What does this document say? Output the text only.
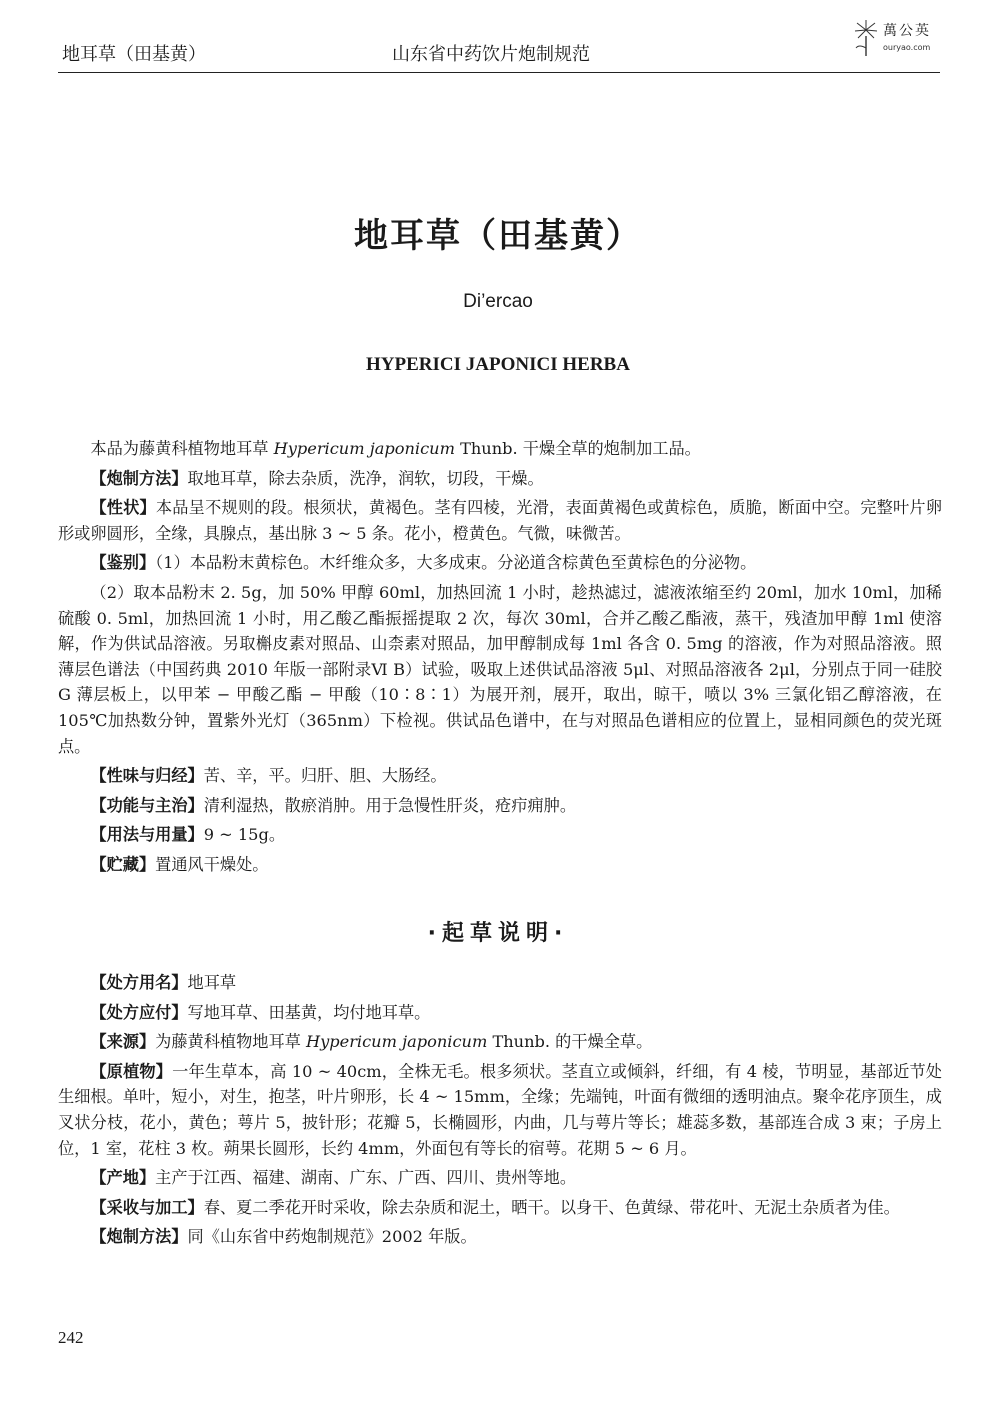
地耳草（田基黄）	山东省中药饮片炮制规范
萬公英
ouryao.com
地耳草（田基黄）
Di’ercao
HYPERICI JAPONICI HERBA

本品为藤黄科植物地耳草 Hypericum japonicum Thunb. 干燥全草的炮制加工品。

【炮制方法】取地耳草，除去杂质，洗净，润软，切段，干燥。

【性状】本品呈不规则的段。根须状，黄褐色。茎有四棱，光滑，表面黄褐色或黄棕色，质脆，断面中空。完整叶片卵形或卵圆形，全缘，具腺点，基出脉 3 ~ 5 条。花小，橙黄色。气微，味微苦。

【鉴别】（1）本品粉末黄棕色。木纤维众多，大多成束。分泌道含棕黄色至黄棕色的分泌物。

（2）取本品粉末 2. 5g，加 50% 甲醇 60ml，加热回流 1 小时，趁热滤过，滤液浓缩至约 20ml，加水 10ml，加稀硫酸 0. 5ml，加热回流 1 小时，用乙酸乙酯振摇提取 2 次，每次 30ml，合并乙酸乙酯液，蒸干，残渣加甲醇 1ml 使溶解，作为供试品溶液。另取槲皮素对照品、山柰素对照品，加甲醇制成每 1ml 各含 0. 5mg 的溶液，作为对照品溶液。照薄层色谱法（中国药典 2010 年版一部附录Ⅵ B）试验，吸取上述供试品溶液 5μl、对照品溶液各 2μl，分别点于同一硅胶 G 薄层板上，以甲苯 − 甲酸乙酯 − 甲酸（10∶8∶1）为展开剂，展开，取出，晾干，喷以 3% 三氯化铝乙醇溶液，在 105℃加热数分钟，置紫外光灯（365nm）下检视。供试品色谱中，在与对照品色谱相应的位置上，显相同颜色的荧光斑点。

【性味与归经】苦、辛，平。归肝、胆、大肠经。

【功能与主治】清利湿热，散瘀消肿。用于急慢性肝炎，疮疖痈肿。

【用法与用量】9 ~ 15g。

【贮藏】置通风干燥处。

·起草说明·

【处方用名】地耳草

【处方应付】写地耳草、田基黄，均付地耳草。

【来源】为藤黄科植物地耳草 Hypericum japonicum Thunb. 的干燥全草。

【原植物】一年生草本，高 10 ~ 40cm，全株无毛。根多须状。茎直立或倾斜，纤细，有 4 棱，节明显，基部近节处生细根。单叶，短小，对生，抱茎，叶片卵形，长 4 ~ 15mm，全缘；先端钝，叶面有微细的透明油点。聚伞花序顶生，成叉状分枝，花小，黄色；萼片 5，披针形；花瓣 5，长椭圆形，内曲，几与萼片等长；雄蕊多数，基部连合成 3 束；子房上位，1 室，花柱 3 枚。蒴果长圆形，长约 4mm，外面包有等长的宿萼。花期 5 ~ 6 月。

【产地】主产于江西、福建、湖南、广东、广西、四川、贵州等地。

【采收与加工】春、夏二季花开时采收，除去杂质和泥土，晒干。以身干、色黄绿、带花叶、无泥土杂质者为佳。

【炮制方法】同《山东省中药炮制规范》2002 年版。

242
